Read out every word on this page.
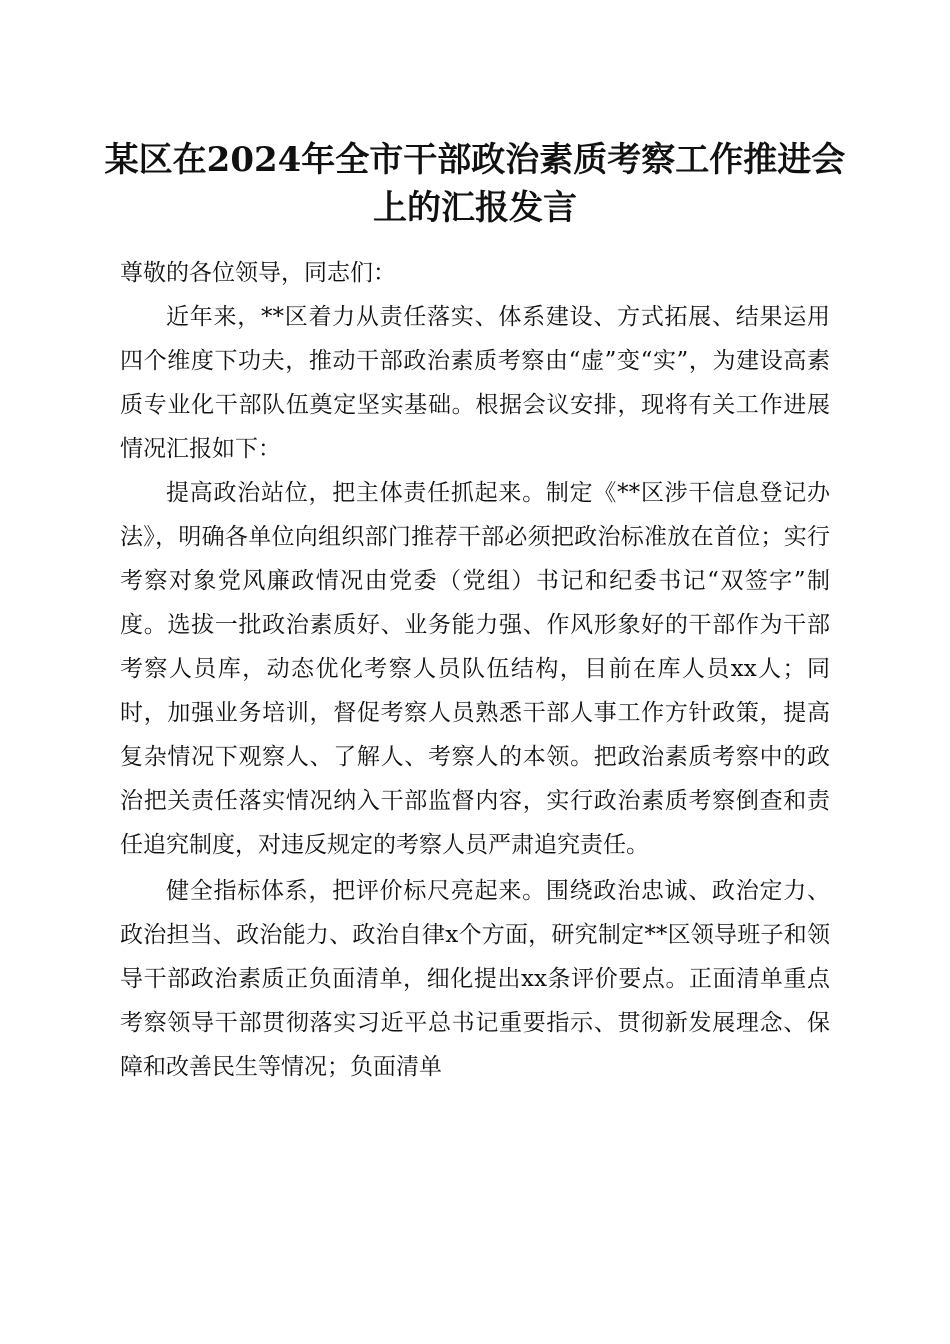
某区在2024年全市干部政治素质考察工作推进会上的汇报发言

尊敬的各位领导，同志们：

近年来，**区着力从责任落实、体系建设、方式拓展、结果运用四个维度下功夫，推动干部政治素质考察由“虚”变“实”，为建设高素质专业化干部队伍奠定坚实基础。根据会议安排，现将有关工作进展情况汇报如下：

提高政治站位，把主体责任抓起来。制定《**区涉干信息登记办法》，明确各单位向组织部门推荐干部必须把政治标准放在首位；实行考察对象党风廉政情况由党委（党组）书记和纪委书记“双签字”制度。选拔一批政治素质好、业务能力强、作风形象好的干部作为干部考察人员库，动态优化考察人员队伍结构，目前在库人员xx人；同时，加强业务培训，督促考察人员熟悉干部人事工作方针政策，提高复杂情况下观察人、了解人、考察人的本领。把政治素质考察中的政治把关责任落实情况纳入干部监督内容，实行政治素质考察倒查和责任追究制度，对违反规定的考察人员严肃追究责任。

健全指标体系，把评价标尺亮起来。围绕政治忠诚、政治定力、政治担当、政治能力、政治自律x个方面，研究制定**区领导班子和领导干部政治素质正负面清单，细化提出xx条评价要点。正面清单重点考察领导干部贯彻落实习近平总书记重要指示、贯彻新发展理念、保障和改善民生等情况；负面清单
